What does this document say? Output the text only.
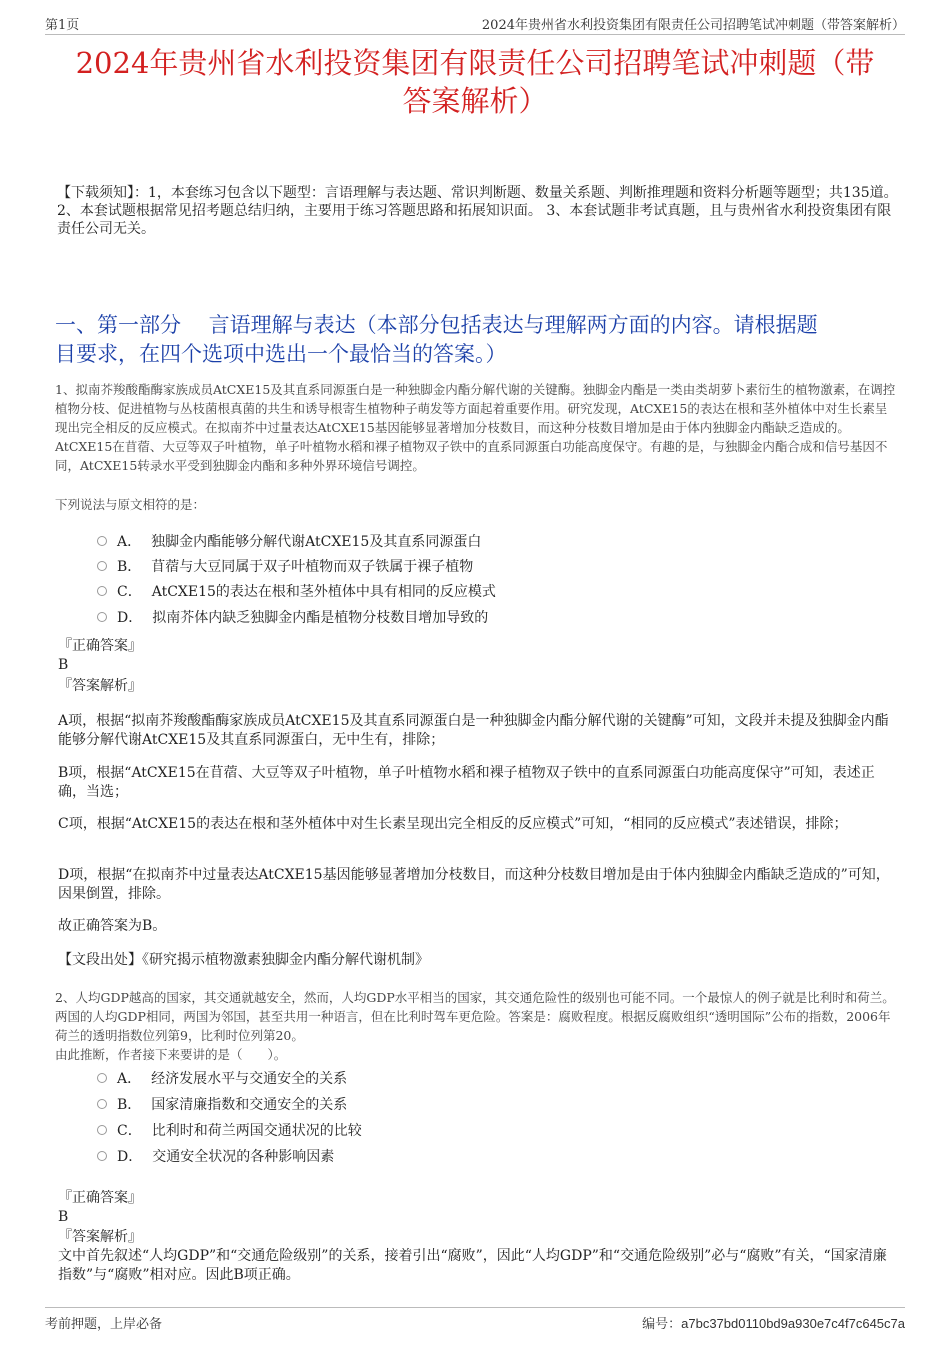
第1页	2024年贵州省水利投资集团有限责任公司招聘笔试冲刺题（带答案解析）
2024年贵州省水利投资集团有限责任公司招聘笔试冲刺题（带
答案解析）
【下载须知】：1，本套练习包含以下题型：言语理解与表达题、常识判断题、数量关系题、判断推理题和资料分析题等题型；共135道。 2、本套试题根据常见招考题总结归纳，主要用于练习答题思路和拓展知识面。 3、本套试题非考试真题，且与贵州省水利投资集团有限责任公司无关。
一、第一部分　 言语理解与表达（本部分包括表达与理解两方面的内容。请根据题
目要求，在四个选项中选出一个最恰当的答案。）
1、拟南芥羧酸酯酶家族成员AtCXE15及其直系同源蛋白是一种独脚金内酯分解代谢的关键酶。独脚金内酯是一类由类胡萝卜素衍生的植物激素，在调控植物分枝、促进植物与丛枝菌根真菌的共生和诱导根寄生植物种子萌发等方面起着重要作用。研究发现，AtCXE15的表达在根和茎外植体中对生长素呈现出完全相反的反应模式。在拟南芥中过量表达AtCXE15基因能够显著增加分枝数目，而这种分枝数目增加是由于体内独脚金内酯缺乏造成的。AtCXE15在苜蓿、大豆等双子叶植物，单子叶植物水稻和裸子植物双子铁中的直系同源蛋白功能高度保守。有趣的是，与独脚金内酯合成和信号基因不同，AtCXE15转录水平受到独脚金内酯和多种外界环境信号调控。
下列说法与原文相符的是：
A． 独脚金内酯能够分解代谢AtCXE15及其直系同源蛋白
B． 苜蓿与大豆同属于双子叶植物而双子铁属于裸子植物
C． AtCXE15的表达在根和茎外植体中具有相同的反应模式
D． 拟南芥体内缺乏独脚金内酯是植物分枝数目增加导致的
『正确答案』
B
『答案解析』
A项，根据“拟南芥羧酸酯酶家族成员AtCXE15及其直系同源蛋白是一种独脚金内酯分解代谢的关键酶”可知，文段并未提及独脚金内酯能够分解代谢AtCXE15及其直系同源蛋白，无中生有，排除；
B项，根据“AtCXE15在苜蓿、大豆等双子叶植物，单子叶植物水稻和裸子植物双子铁中的直系同源蛋白功能高度保守”可知，表述正确，当选；
C项，根据“AtCXE15的表达在根和茎外植体中对生长素呈现出完全相反的反应模式”可知，“相同的反应模式”表述错误，排除；
D项，根据“在拟南芥中过量表达AtCXE15基因能够显著增加分枝数目，而这种分枝数目增加是由于体内独脚金内酯缺乏造成的”可知，因果倒置，排除。
故正确答案为B。
【文段出处】《研究揭示植物激素独脚金内酯分解代谢机制》
2、人均GDP越高的国家，其交通就越安全，然而，人均GDP水平相当的国家，其交通危险性的级别也可能不同。一个最惊人的例子就是比利时和荷兰。两国的人均GDP相同，两国为邻国，甚至共用一种语言，但在比利时驾车更危险。答案是：腐败程度。根据反腐败组织“透明国际”公布的指数，2006年荷兰的透明指数位列第9，比利时位列第20。
由此推断，作者接下来要讲的是（　　）。
A． 经济发展水平与交通安全的关系
B． 国家清廉指数和交通安全的关系
C． 比利时和荷兰两国交通状况的比较
D． 交通安全状况的各种影响因素
『正确答案』
B
『答案解析』
文中首先叙述“人均GDP”和“交通危险级别”的关系，接着引出“腐败”，因此“人均GDP”和“交通危险级别”必与“腐败”有关，“国家清廉指数”与“腐败”相对应。因此B项正确。
考前押题，上岸必备	编号：a7bc37bd0110bd9a930e7c4f7c645c7a
